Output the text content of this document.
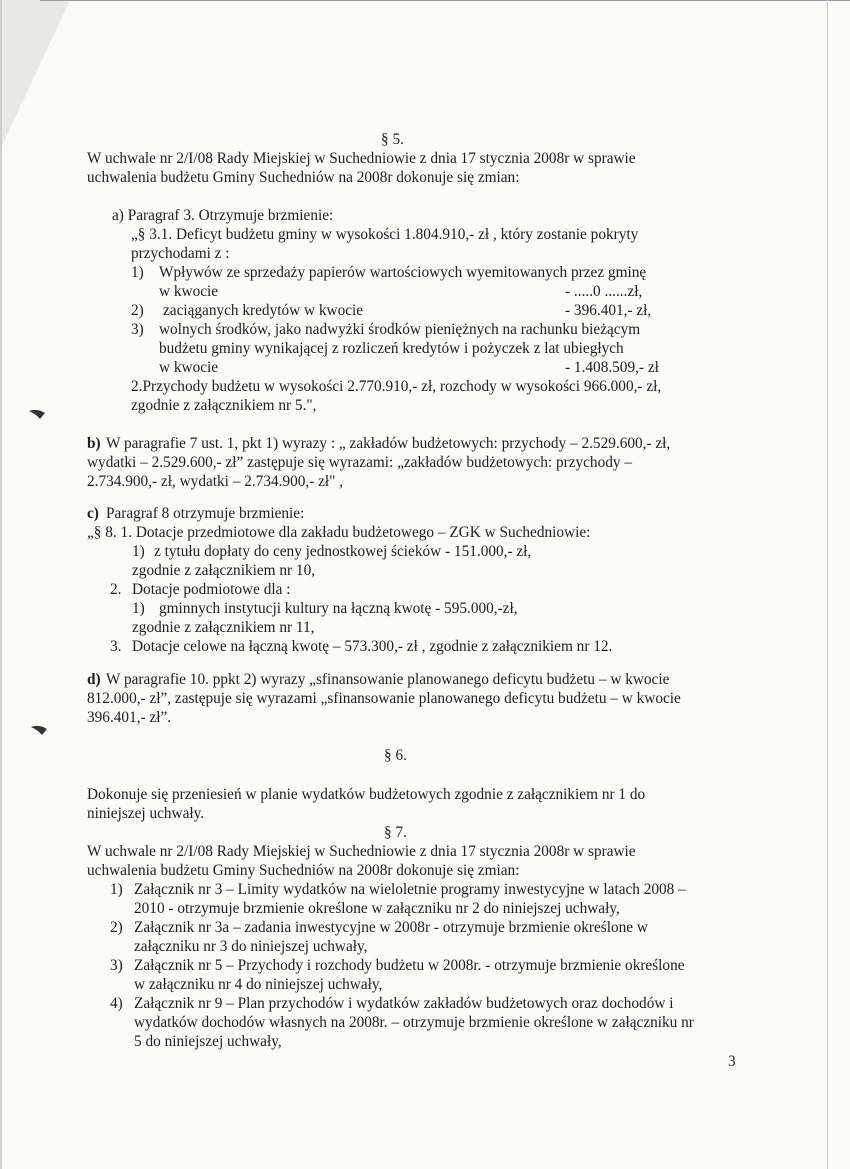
§ 5.
W uchwale nr 2/I/08 Rady Miejskiej w Suchedniowie z dnia 17 stycznia 2008r w sprawie
uchwalenia budżetu Gminy Suchedniów na 2008r dokonuje się zmian:
a) Paragraf 3. Otrzymuje brzmienie:
„§ 3.1. Deficyt budżetu gminy w wysokości 1.804.910,- zł , który zostanie pokryty
przychodami z :
1) Wpływów ze sprzedaży papierów wartościowych wyemitowanych przez gminę
w kwocie	- .....0 ......zł,
2) zaciąganych kredytów w kwocie	- 396.401,- zł,
3) wolnych środków, jako nadwyżki środków pieniężnych na rachunku bieżącym
budżetu gminy wynikającej z rozliczeń kredytów i pożyczek z lat ubiegłych
w kwocie	- 1.408.509,- zł
2.Przychody budżetu w wysokości 2.770.910,- zł, rozchody w wysokości 966.000,- zł,
zgodnie z załącznikiem nr 5.",
b) W paragrafie 7 ust. 1, pkt 1) wyrazy : „ zakładów budżetowych: przychody – 2.529.600,- zł,
wydatki – 2.529.600,- zł” zastępuje się wyrazami: „zakładów budżetowych: przychody –
2.734.900,- zł, wydatki – 2.734.900,- zł" ,
c) Paragraf 8 otrzymuje brzmienie:
„§ 8. 1. Dotacje przedmiotowe dla zakładu budżetowego – ZGK w Suchedniowie:
1) z tytułu dopłaty do ceny jednostkowej ścieków - 151.000,- zł,
zgodnie z załącznikiem nr 10,
2. Dotacje podmiotowe dla :
1) gminnych instytucji kultury na łączną kwotę - 595.000,-zł,
zgodnie z załącznikiem nr 11,
3. Dotacje celowe na łączną kwotę – 573.300,- zł , zgodnie z załącznikiem nr 12.
d) W paragrafie 10. ppkt 2) wyrazy „sfinansowanie planowanego deficytu budżetu – w kwocie
812.000,- zł”, zastępuje się wyrazami „sfinansowanie planowanego deficytu budżetu – w kwocie
396.401,- zł”.
§ 6.
Dokonuje się przeniesień w planie wydatków budżetowych zgodnie z załącznikiem nr 1 do
niniejszej uchwały.
§ 7.
W uchwale nr 2/I/08 Rady Miejskiej w Suchedniowie z dnia 17 stycznia 2008r w sprawie
uchwalenia budżetu Gminy Suchedniów na 2008r dokonuje się zmian:
1) Załącznik nr 3 – Limity wydatków na wieloletnie programy inwestycyjne w latach 2008 –
2010 - otrzymuje brzmienie określone w załączniku nr 2 do niniejszej uchwały,
2) Załącznik nr 3a – zadania inwestycyjne w 2008r - otrzymuje brzmienie określone w
załączniku nr 3 do niniejszej uchwały,
3) Załącznik nr 5 – Przychody i rozchody budżetu w 2008r. - otrzymuje brzmienie określone
w załączniku nr 4 do niniejszej uchwały,
4) Załącznik nr 9 – Plan przychodów i wydatków zakładów budżetowych oraz dochodów i
wydatków dochodów własnych na 2008r. – otrzymuje brzmienie określone w załączniku nr
5 do niniejszej uchwały,
3
